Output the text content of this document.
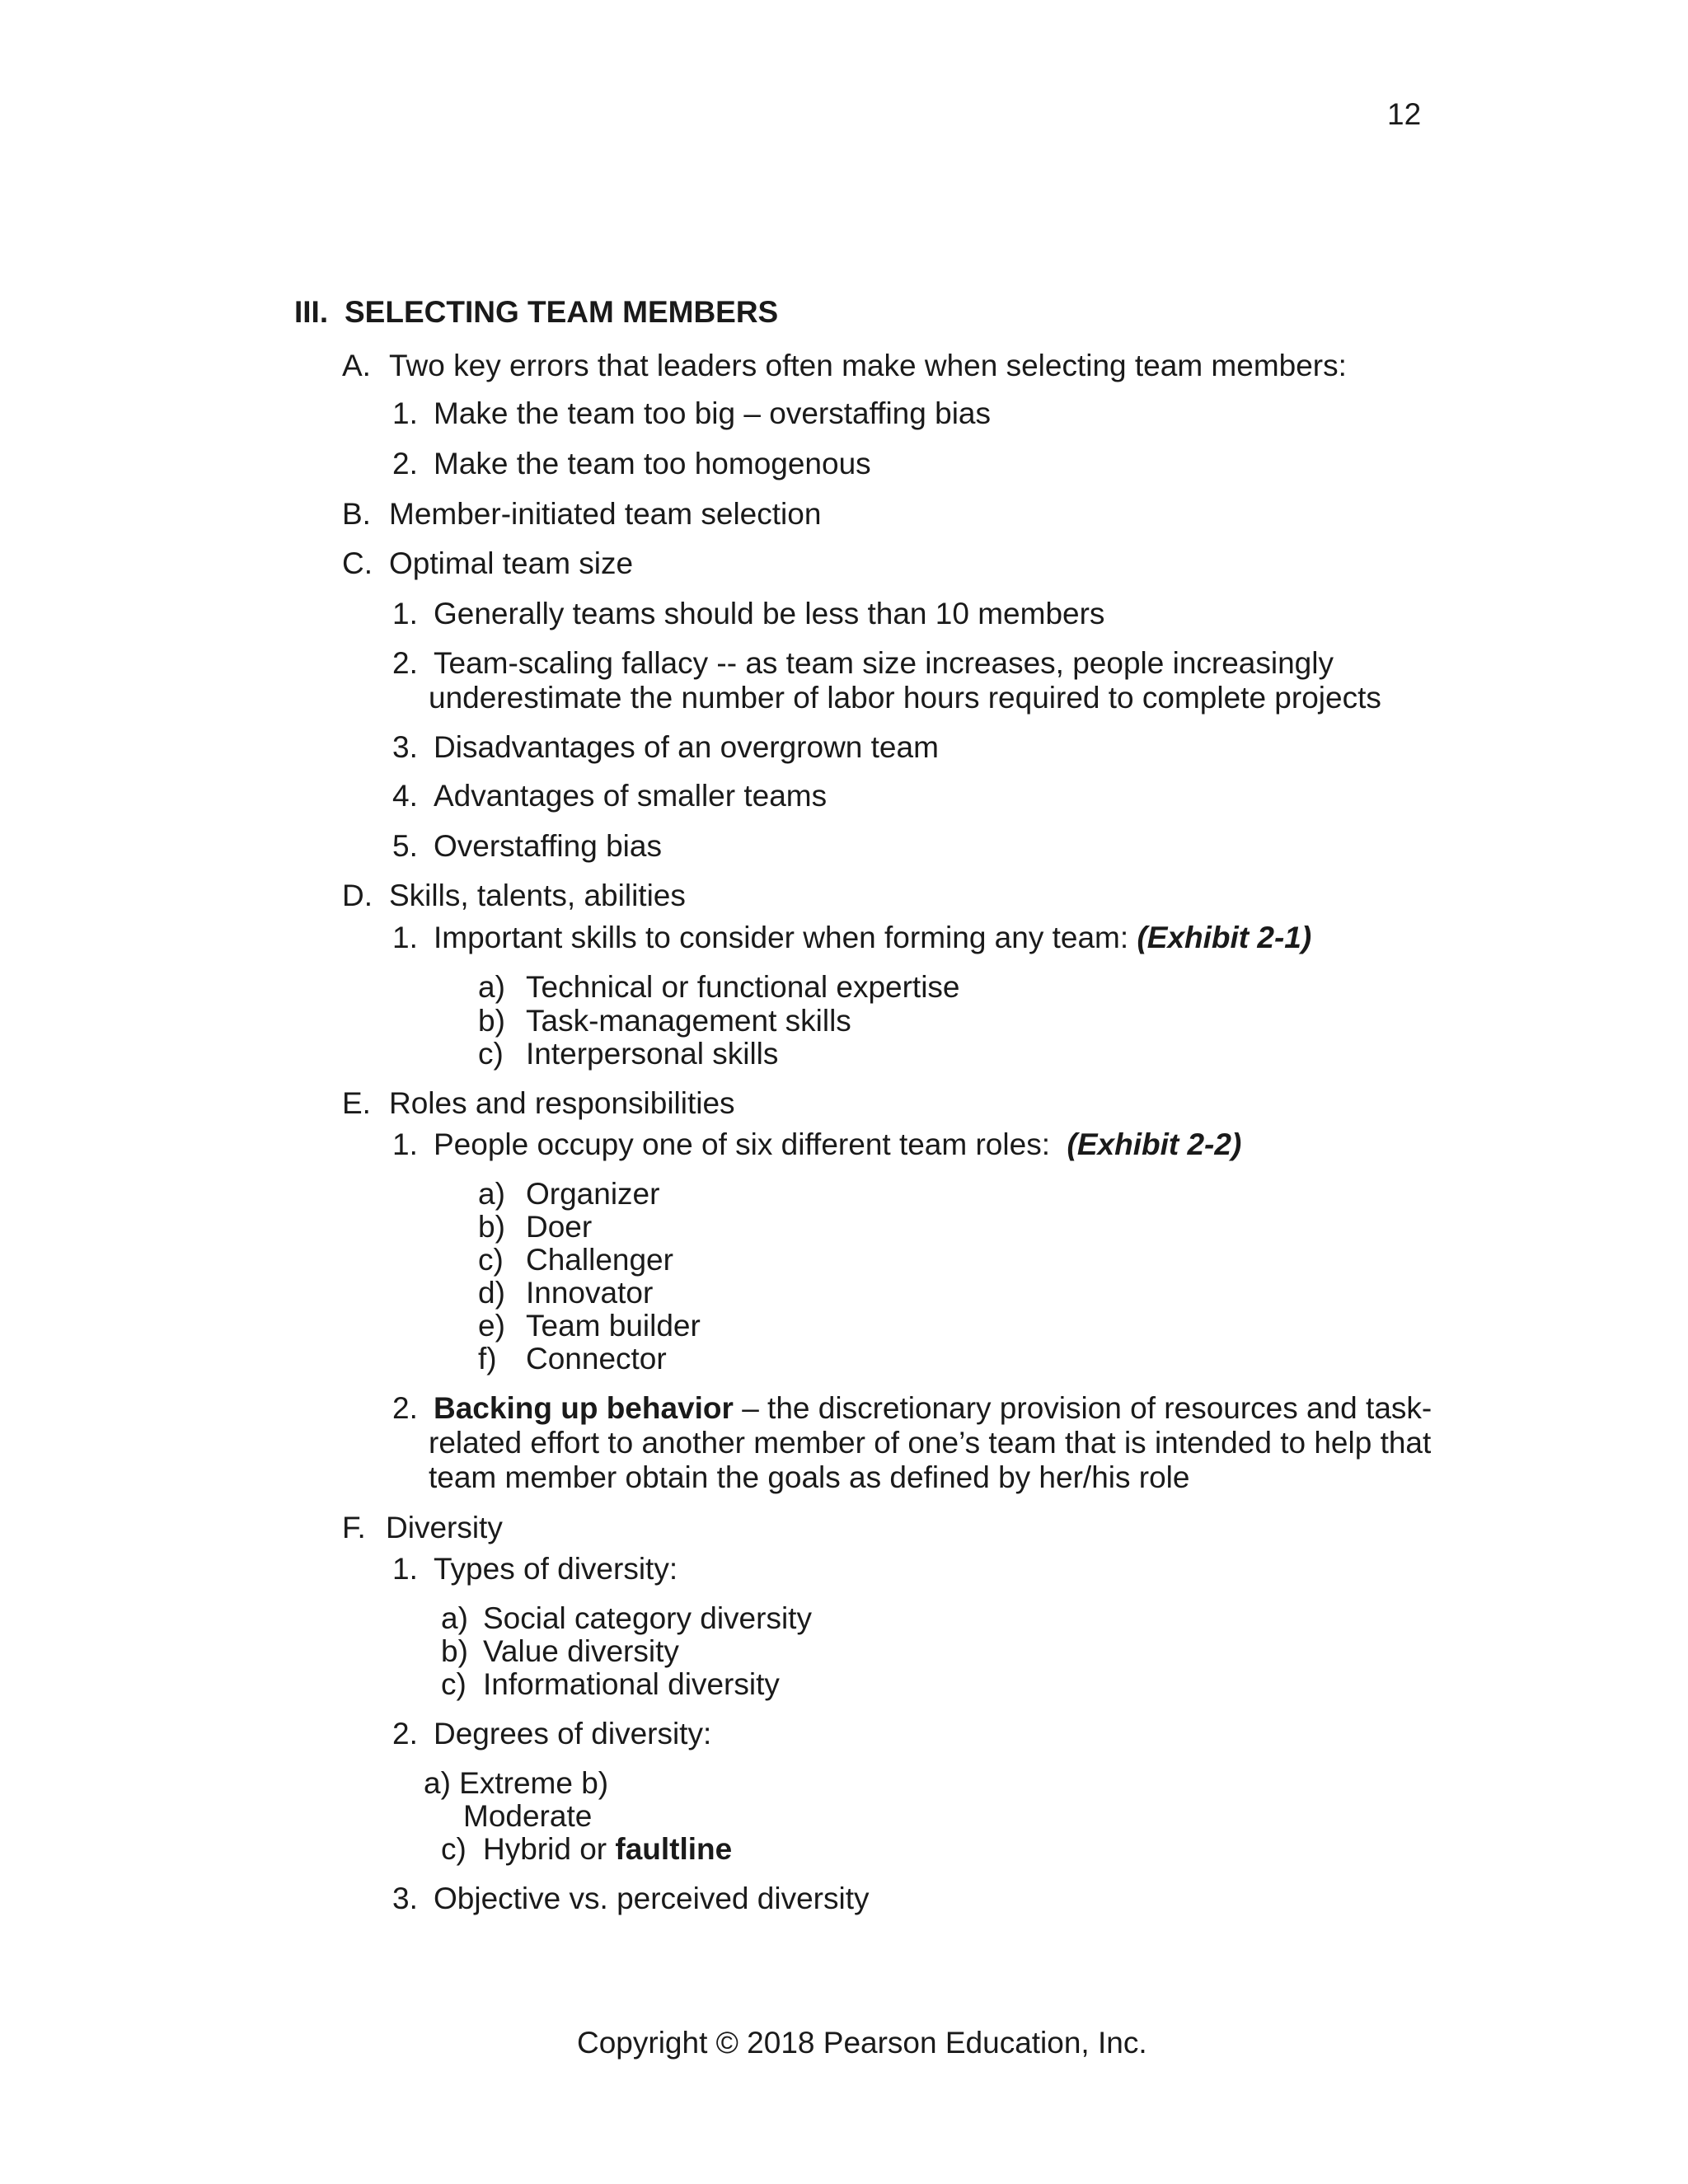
12
III. SELECTING TEAM MEMBERS
A. Two key errors that leaders often make when selecting team members:
1. Make the team too big – overstaffing bias
2. Make the team too homogenous
B. Member-initiated team selection
C. Optimal team size
1. Generally teams should be less than 10 members
2. Team-scaling fallacy -- as team size increases, people increasingly
underestimate the number of labor hours required to complete projects
3. Disadvantages of an overgrown team
4. Advantages of smaller teams
5. Overstaffing bias
D. Skills, talents, abilities
1. Important skills to consider when forming any team: (Exhibit 2-1)
a) Technical or functional expertise
b) Task-management skills
c) Interpersonal skills
E. Roles and responsibilities
1. People occupy one of six different team roles: (Exhibit 2-2)
a) Organizer
b) Doer
c) Challenger
d) Innovator
e) Team builder
f) Connector
2. Backing up behavior – the discretionary provision of resources and task-
related effort to another member of one’s team that is intended to help that
team member obtain the goals as defined by her/his role
F. Diversity
1. Types of diversity:
a) Social category diversity
b) Value diversity
c) Informational diversity
2. Degrees of diversity:
a) Extreme b)
Moderate
c) Hybrid or faultline
3. Objective vs. perceived diversity
Copyright © 2018 Pearson Education, Inc.
